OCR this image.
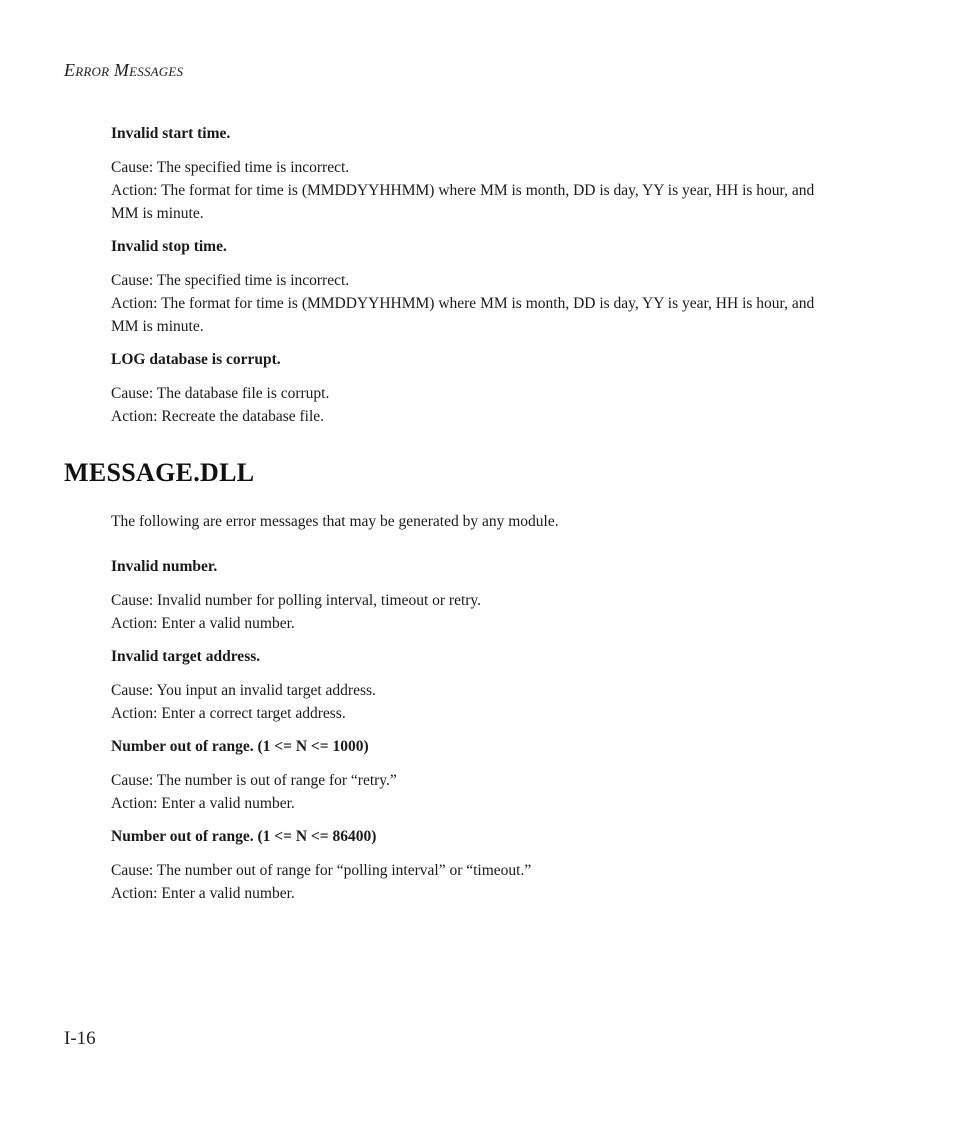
Error Messages
Invalid start time.
Cause: The specified time is incorrect.
Action: The format for time is (MMDDYYHHMM) where MM is month, DD is day, YY is year, HH is hour, and
MM is minute.
Invalid stop time.
Cause: The specified time is incorrect.
Action: The format for time is (MMDDYYHHMM) where MM is month, DD is day, YY is year, HH is hour, and
MM is minute.
LOG database is corrupt.
Cause: The database file is corrupt.
Action: Recreate the database file.
MESSAGE.DLL
The following are error messages that may be generated by any module.
Invalid number.
Cause: Invalid number for polling interval, timeout or retry.
Action: Enter a valid number.
Invalid target address.
Cause: You input an invalid target address.
Action: Enter a correct target address.
Number out of range. (1 <= N <= 1000)
Cause: The number is out of range for “retry.”
Action: Enter a valid number.
Number out of range. (1 <= N <= 86400)
Cause: The number out of range for “polling interval” or “timeout.”
Action: Enter a valid number.
I-16
